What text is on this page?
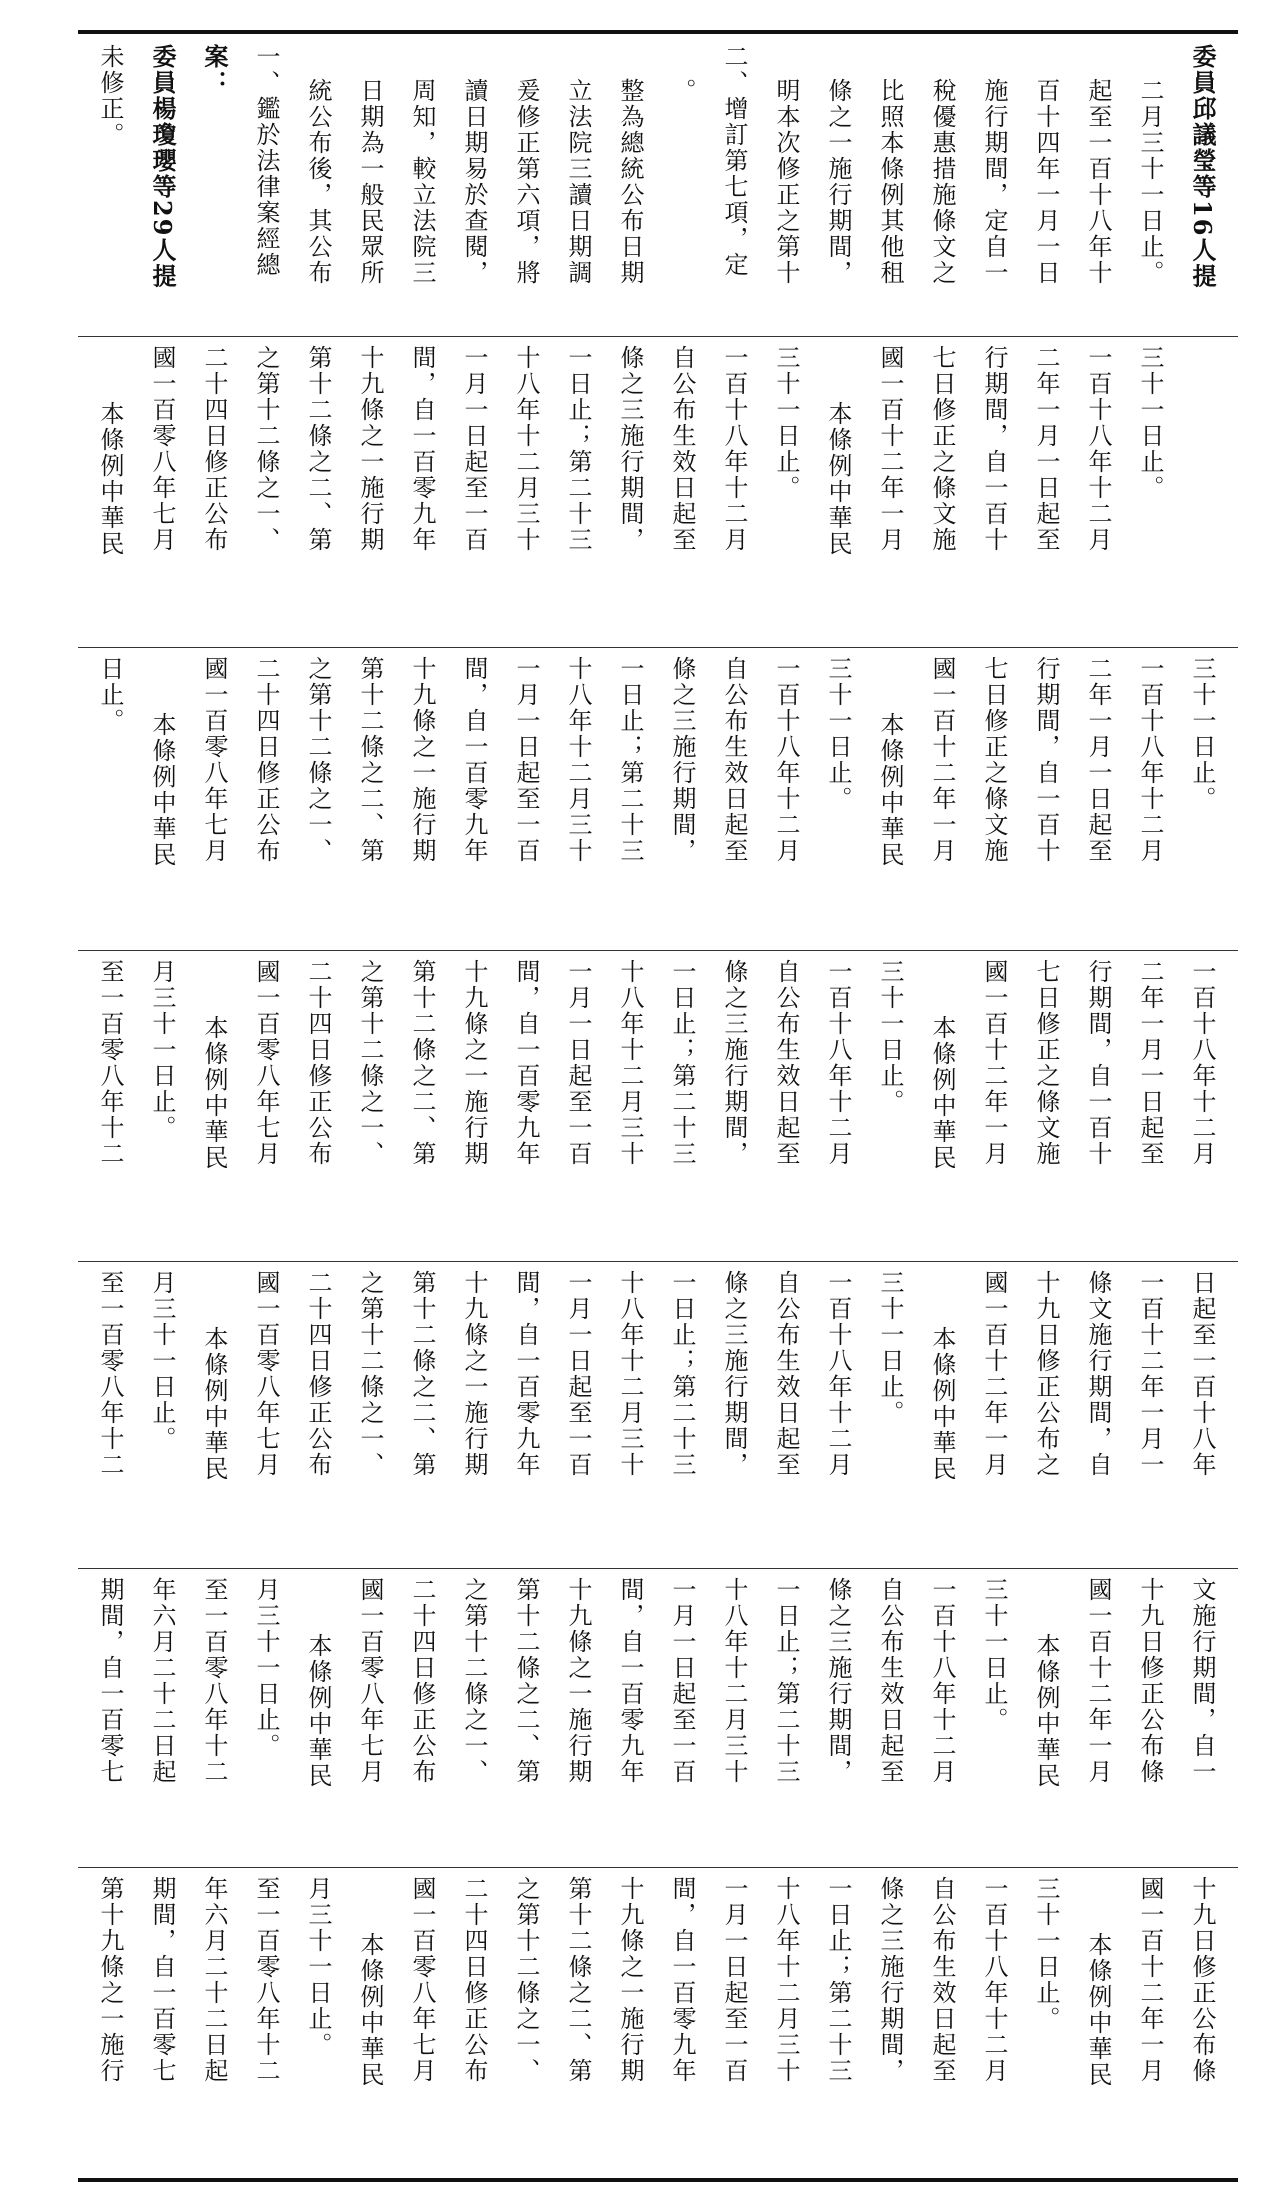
未修正。	委員楊瓊瓔等29人提 案： 一、鑑於法律案經總	統公布後，其公布	日期為一般民眾所	周知，較立法院三	讀日期易於查閱，	爰修正第六項，將	立法院三讀日期調	整為總統公布日期	。	二、增訂第七項，定	明本次修正之第十	條之一施行期間，	比照本條例其他租	稅優惠措施條文之	施行期間，定自一	百十四年一月一日	起至一百十八年十	二月三十一日止。	委員邱議瑩等16人提
本條例中華民	國一百零八年七月	二十四日修正公布	之第十二條之一、	第十二條之二、第	十九條之一施行期	間，自一百零九年	一月一日起至一百	十八年十二月三十	一日止；第二十三	條之三施行期間，	自公布生效日起至	一百十八年十二月	三十一日止。	本條例中華民	國一百十二年一月	七日修正之條文施	行期間，自一百十	二年一月一日起至	一百十八年十二月	三十一日止。
日止。
本條例中華民	國一百零八年七月	二十四日修正公布	之第十二條之一、	第十二條之二、第	十九條之一施行期	間，自一百零九年	一月一日起至一百	十八年十二月三十	一日止；第二十三	條之三施行期間，	自公布生效日起至	一百十八年十二月	三十一日止。	本條例中華民	國一百十二年一月	七日修正之條文施	行期間，自一百十	二年一月一日起至	一百十八年十二月	三十一日止。
至一百零八年十二	月三十一日止。	本條例中華民	國一百零八年七月	二十四日修正公布	之第十二條之一、	第十二條之二、第	十九條之一施行期	間，自一百零九年	一月一日起至一百	十八年十二月三十	一日止；第二十三	條之三施行期間，	自公布生效日起至	一百十八年十二月	三十一日止。	本條例中華民	國一百十二年一月	七日修正之條文施	行期間，自一百十	二年一月一日起至	一百十八年十二月
至一百零八年十二	月三十一日止。	本條例中華民	國一百零八年七月	二十四日修正公布	之第十二條之一、	第十二條之二、第	十九條之一施行期	間，自一百零九年	一月一日起至一百	十八年十二月三十	一日止；第二十三	條之三施行期間，	自公布生效日起至	一百十八年十二月	三十一日止。	本條例中華民	國一百十二年一月	十九日修正公布之	條文施行期間，自	一百十二年一月一	日起至一百十八年
期間，自一百零七	年六月二十二日起	至一百零八年十二	月三十一日止。	本條例中華民	國一百零八年七月	二十四日修正公布	之第十二條之一、	第十二條之二、第	十九條之一施行期	間，自一百零九年	一月一日起至一百	十八年十二月三十	一日止；第二十三	條之三施行期間，	自公布生效日起至	一百十八年十二月	三十一日止。	本條例中華民	國一百十二年一月	十九日修正公布條	文施行期間，自一
第十九條之一施行	期間，自一百零七	年六月二十二日起	至一百零八年十二	月三十一日止。	本條例中華民	國一百零八年七月	二十四日修正公布	之第十二條之一、	第十二條之二、第	十九條之一施行期	間，自一百零九年	一月一日起至一百	十八年十二月三十	一日止；第二十三	條之三施行期間，	自公布生效日起至	一百十八年十二月	三十一日止。	本條例中華民	國一百十二年一月	十九日修正公布條
